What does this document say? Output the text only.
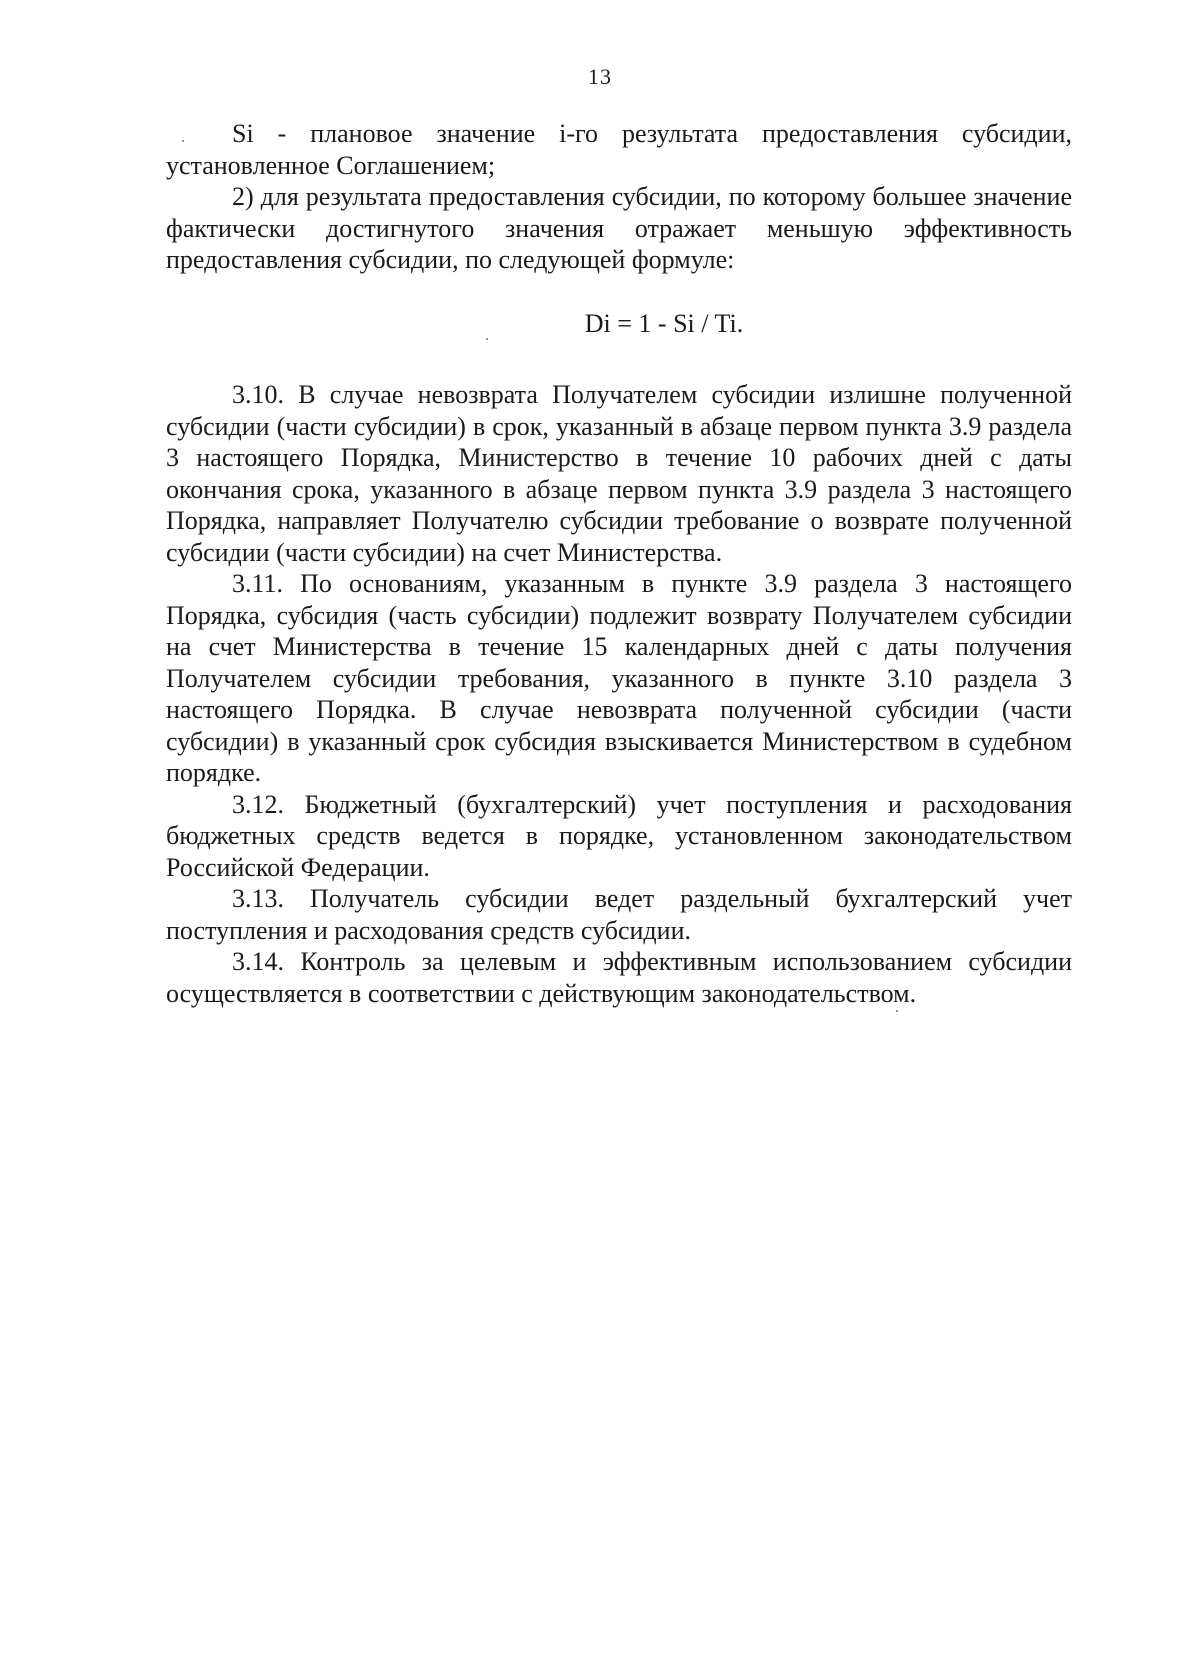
13

Si - плановое значение i-го результата предоставления субсидии, установленное Соглашением;

2) для результата предоставления субсидии, по которому большее значение фактически достигнутого значения отражает меньшую эффективность предоставления субсидии, по следующей формуле:

Di = 1 - Si / Ti.

3.10. В случае невозврата Получателем субсидии излишне полученной субсидии (части субсидии) в срок, указанный в абзаце первом пункта 3.9 раздела 3 настоящего Порядка, Министерство в течение 10 рабочих дней с даты окончания срока, указанного в абзаце первом пункта 3.9 раздела 3 настоящего Порядка, направляет Получателю субсидии требование о возврате полученной субсидии (части субсидии) на счет Министерства.

3.11. По основаниям, указанным в пункте 3.9 раздела 3 настоящего Порядка, субсидия (часть субсидии) подлежит возврату Получателем субсидии на счет Министерства в течение 15 календарных дней с даты получения Получателем субсидии требования, указанного в пункте 3.10 раздела 3 настоящего Порядка. В случае невозврата полученной субсидии (части субсидии) в указанный срок субсидия взыскивается Министерством в судебном порядке.

3.12. Бюджетный (бухгалтерский) учет поступления и расходования бюджетных средств ведется в порядке, установленном законодательством Российской Федерации.

3.13. Получатель субсидии ведет раздельный бухгалтерский учет поступления и расходования средств субсидии.

3.14. Контроль за целевым и эффективным использованием субсидии осуществляется в соответствии с действующим законодательством.
